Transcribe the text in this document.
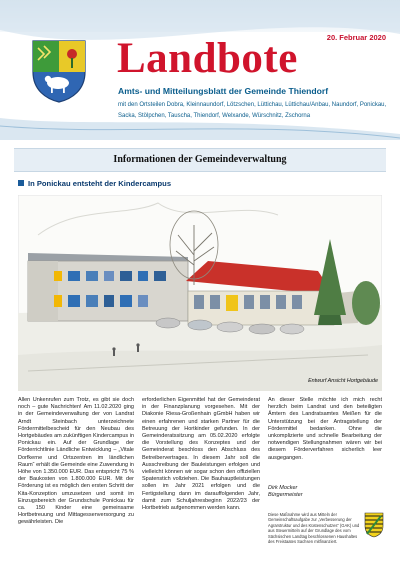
20. Februar 2020
Landbote
Amts- und Mitteilungsblatt der Gemeinde Thiendorf
mit den Ortsteilen Dobra, Kleinnaundorf, Lötzschen, Lüttichau, Lüttichau/Anbau, Naundorf, Ponickau, Sacka, Stölpchen, Tauscha, Thiendorf, Welxande, Würschnitz, Zschorna
Informationen der Gemeindeverwaltung
In Ponickau entsteht der Kindercampus
Entwurf Ansicht Hortgebäude

Allen Unkenrufen zum Trotz, es gibt sie doch noch – gute Nachrichten! Am 11.02.2020 ging in der Gemeindeverwaltung der von Landrat Arndt Steinbach unterzeichnete Fördermittelbescheid für den Neubau des Hortgebäudes am zukünftigen Kindercampus in Ponickau ein. Auf der Grundlage der Förderrichtlinie Ländliche Entwicklung – „Vitale Dorfkerne und Ortszentren im ländlichen Raum“ erhält die Gemeinde eine Zuwendung in Höhe von 1.350.000 EUR. Das entspricht 75 % der Baukosten von 1.800.000 EUR. Mit der Förderung ist es möglich den ersten Schritt der Kita-Konzeption umzusetzen und somit im Einzugsbereich der Grundschule Ponickau für ca. 150 Kinder eine gemeinsame Hortbetreuung und Mittagessenversorgung zu gewährleisten. Die

erforderlichen Eigenmittel hat der Gemeinderat in der Finanzplanung vorgesehen. Mit der Diakonie Riesa-Großenhain gGmbH haben wir einen erfahrenen und starken Partner für die Betreuung der Hortkinder gefunden. In der Gemeinderatssitzung am 05.02.2020 erfolgte die Vorstellung des Konzeptes und der Gemeinderat beschloss den Abschluss des Betreibervertrages. In diesem Jahr soll die Ausschreibung der Bauleistungen erfolgen und vielleicht können wir sogar schon den offiziellen Spatenstich vollziehen. Die Bauhauptleistungen sollen im Jahr 2021 erfolgen und die Fertigstellung dann im darauffolgenden Jahr, damit zum Schuljahresbeginn 2022/23 der Hortbetrieb aufgenommen werden kann.

An dieser Stelle möchte ich mich recht herzlich beim Landrat und den beteiligten Ämtern des Landratsamtes Meißen für die Unterstützung bei der Antragstellung der Fördermittel bedanken. Ohne die unkomplizierte und schnelle Bearbeitung der notwendigen Stellungnahmen wären wir bei diesem Förderverfahren sicherlich leer ausgegangen.

Dirk Mocker
Bürgermeister
Diese Maßnahme wird aus Mitteln der Gemeinschaftsaufgabe zur „Verbesserung der Agrarstruktur und des Küstenschutzes“ (GAK) und aus Steuermitteln auf der Grundlage des vom Sächsischen Landtag beschlossenen Haushaltes des Freistaates Sachsen mitfinanziert.
